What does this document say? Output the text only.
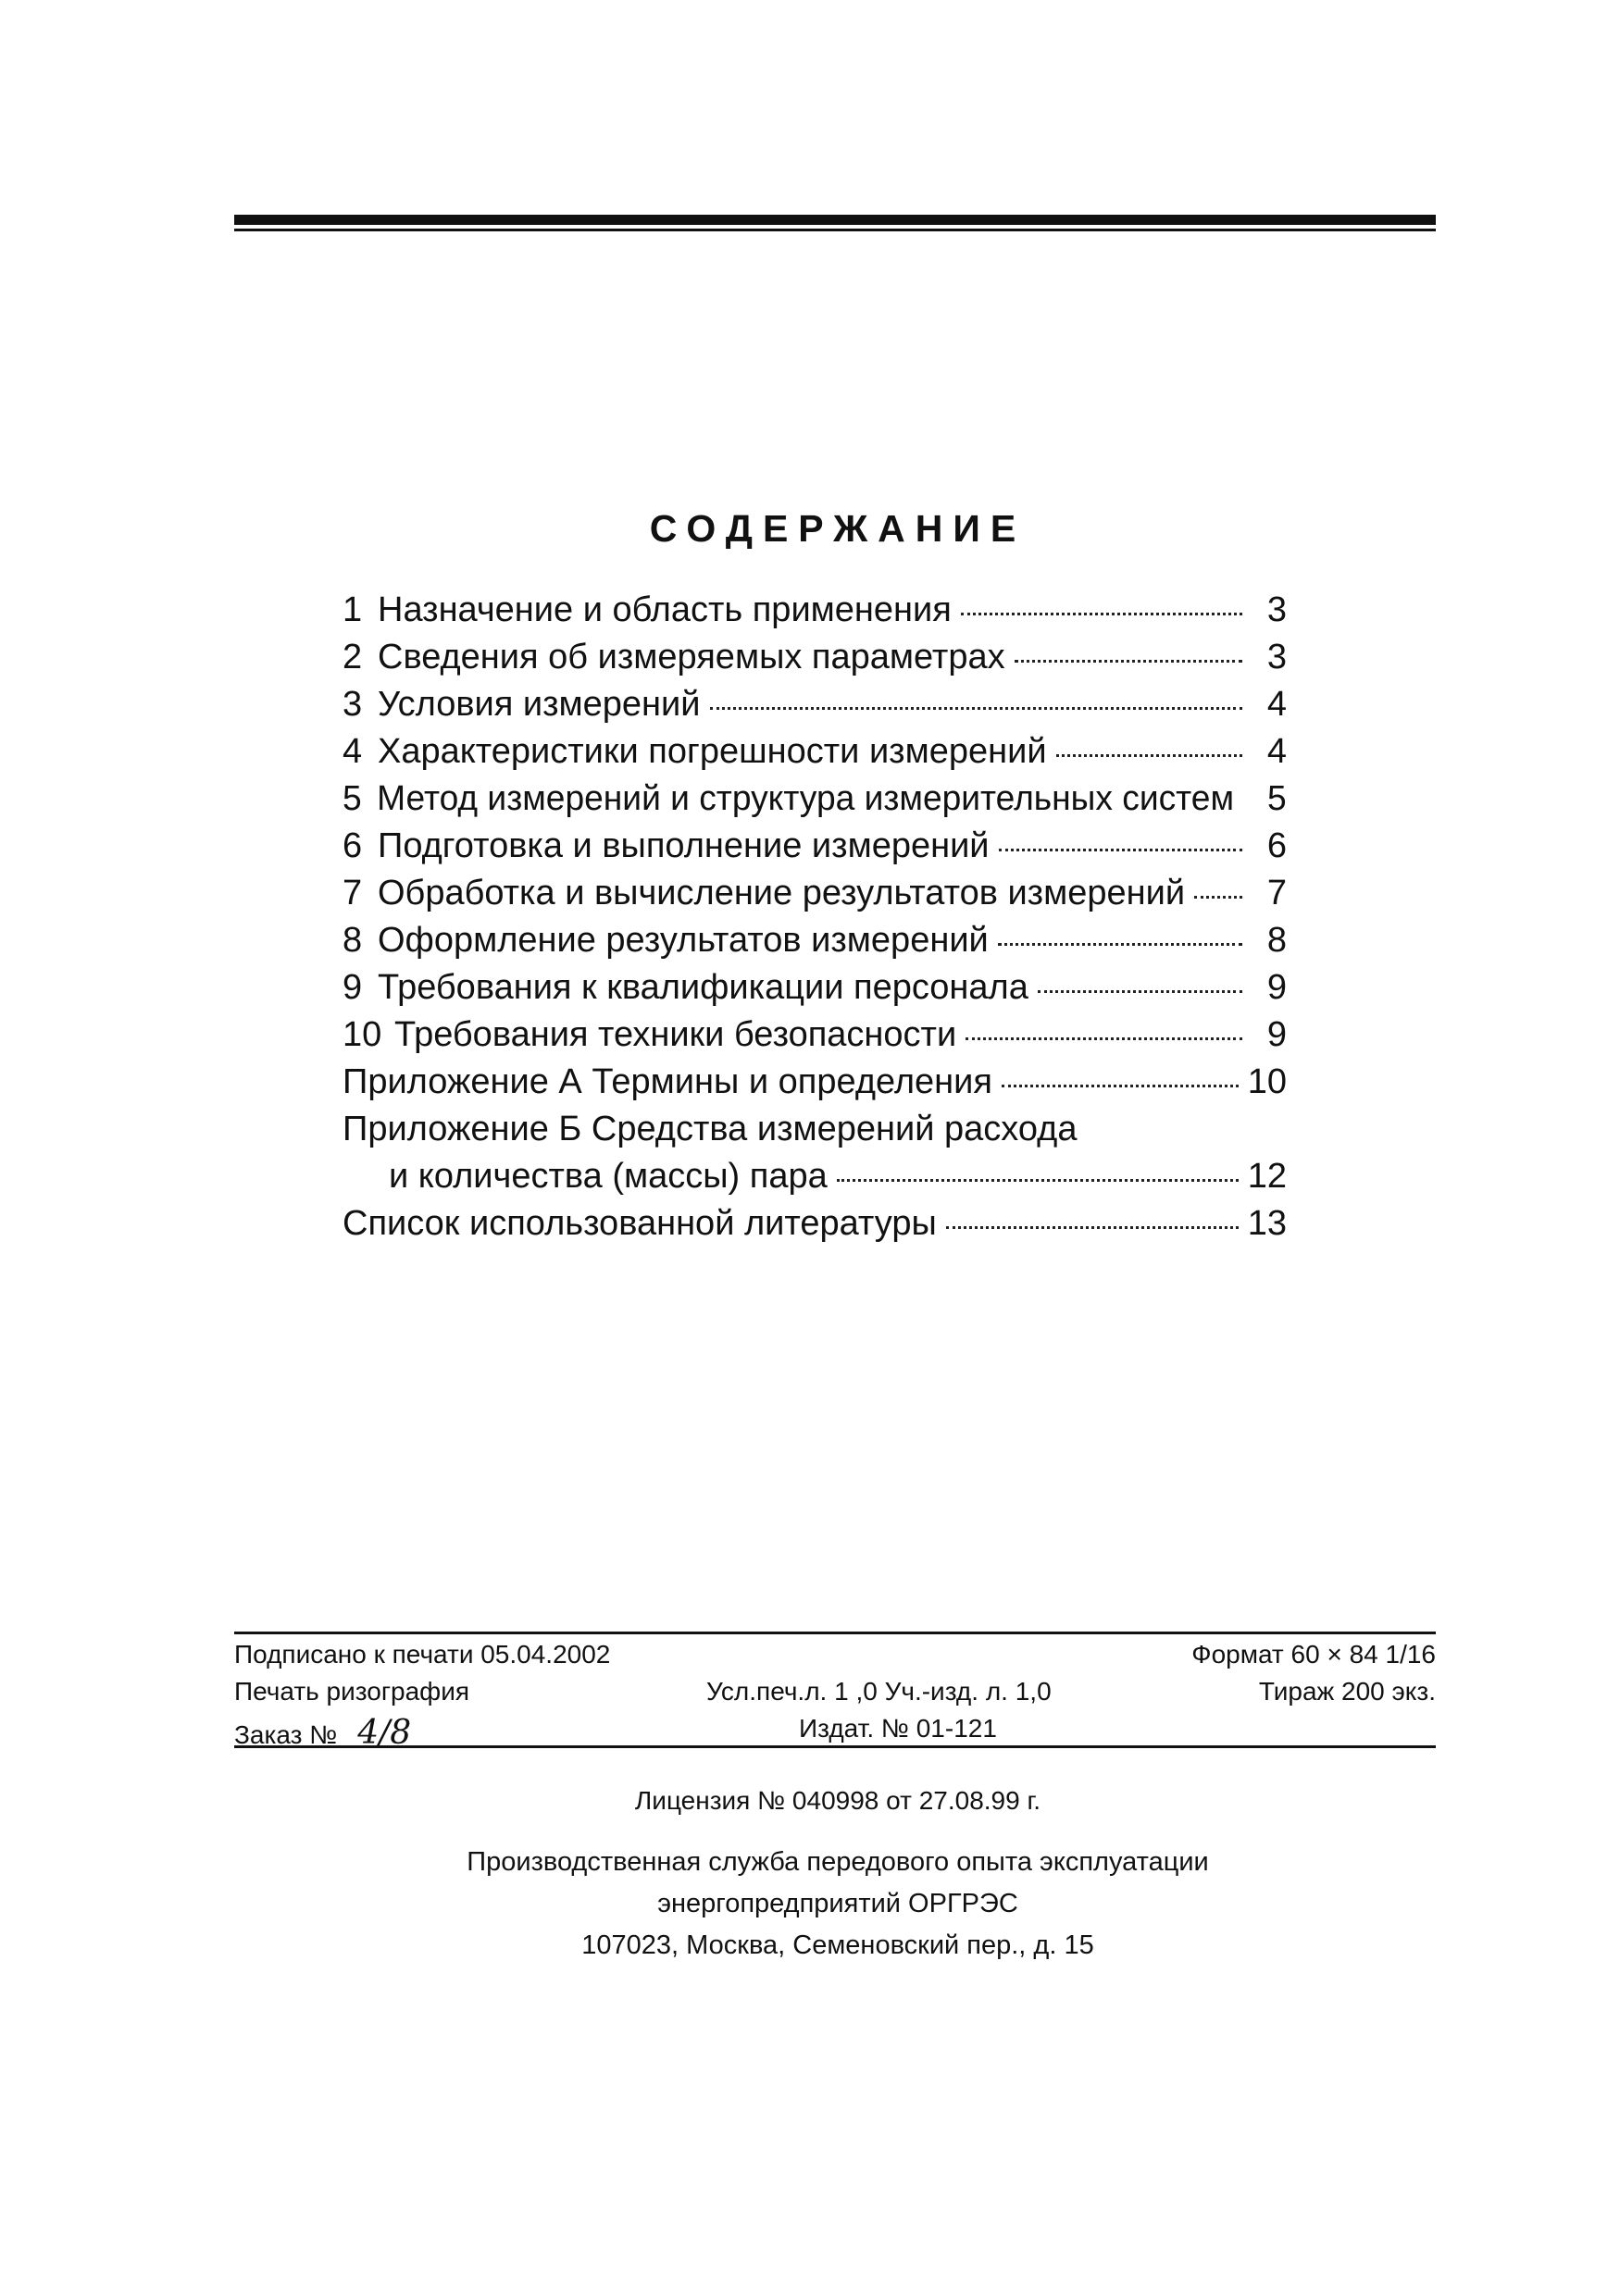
СОДЕРЖАНИЕ
1 Назначение и область применения	3
2 Сведения об измеряемых параметрах	3
3 Условия измерений	4
4 Характеристики погрешности измерений	4
5 Метод измерений и структура измерительных систем 5
6 Подготовка и выполнение измерений	6
7 Обработка и вычисление результатов измерений	7
8 Оформление результатов измерений	8
9 Требования к квалификации персонала	9
10 Требования техники безопасности	9
Приложение А Термины и определения	10
Приложение Б Средства измерений расхода
и количества (массы) пара	12
Список использованной литературы	13
Подписано к печати 05.04.2002	Формат 60 × 84 1/16
Печать ризография	Усл.печ.л. 1 ,0 Уч.-изд. л. 1,0	Тираж 200 экз.
Заказ № 4/8	Издат. № 01-121
Лицензия № 040998 от 27.08.99 г.
Производственная служба передового опыта эксплуатации
энергопредприятий ОРГРЭС
107023, Москва, Семеновский пер., д. 15
